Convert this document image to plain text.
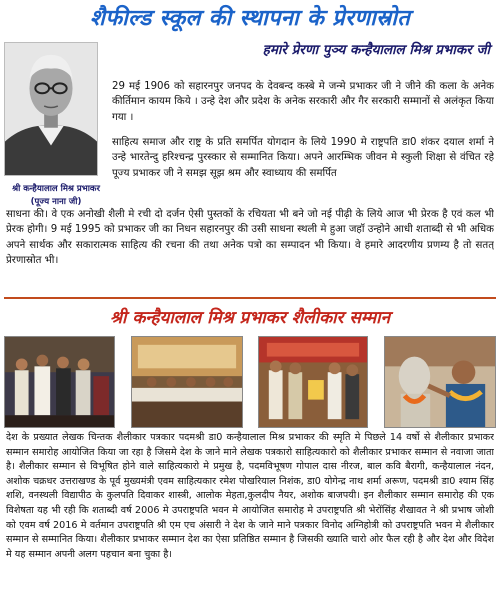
शैफील्ड स्कूल की स्थापना के प्रेरणास्रोत
हमारे प्रेरणा पुञ्य कन्हैयालाल मिश्र प्रभाकर जी
श्री कन्हैयालाल मिश्र प्रभाकर
(पूज्य नाना जी)
29 मई 1906 को सहारनपुर जनपद के देवबन्द कस्बे मे जन्मे प्रभाकर जी ने जीने की कला के अनेक कीर्तिमान कायम किये । उन्हे देश और प्रदेश के अनेक सरकारी और गैर सरकारी सम्मानों से अलंकृत किया गया ।
साहित्य समाज और राष्ट्र के प्रति समर्पित योगदान के लिये 1990 मे राष्ट्रपति डा0 शंकर दयाल शर्मा ने उन्हे भारतेन्दु हरिश्चन्द्र पुरस्कार से सम्मानित किया। अपने आरम्भिक जीवन मे स्कुली शिक्षा से वंचित रहे पूज्य प्रभाकर जी ने समझ सूझ श्रम और स्वाध्याय की समर्पित
साधना की। वे एक अनोखी शैली मे रची दो दर्जन ऐसी पुस्तकों के रचियता भी बने जो नई पीढ़ी के लिये आज भी प्रेरक है एवं कल भी प्रेरक होगी। 9 मई 1995 को प्रभाकर जी का निधन सहारनपुर की उसी साधना स्थली मे हुआ जहॉ उन्होने आधी शताब्दी से भी अधिक अपने सार्थक और सकारात्मक साहित्य की रचना की तथा अनेक पत्रो का सम्पादन भी किया। वे हमारे आदरणीय प्रणम्य है तो सतत् प्रेरणास्रोत भी।
श्री कन्हैयालाल मिश्र प्रभाकर शैलीकार सम्मान
देश के प्रख्यात लेखक चिन्तक शैलीकार पत्रकार पदमश्री डा0 कन्हैयालाल मिश्र प्रभाकर की स्मृति मे पिछले 14 वर्षो से शैलीकार प्रभाकर सम्मान समारोह आयोजित किया जा रहा है जिसमे देश के जाने माने लेखक पत्रकारो साहित्यकारो को शैलीकार प्रभाकर सम्मान से नवाजा जाता है। शैलीकार सम्मान से विभूषित होने वाले साहित्यकारो मे प्रमुख है, पदमविभूषण गोपाल दास नीरज, बाल कवि बैरागी, कन्हैयालाल नंदन, अशोक चक्रधर उत्तराखण्ड के पूर्व मुख्यमंत्री एवम साहित्यकार रमेश पोखरियाल निशंक, डा0 योगेन्द्र नाथ शर्मा अरूण, पदमश्री डा0 श्याम सिंह शशि, वनस्थली विद्यापीठ के कुलपति दिवाकर शास्त्री, आलोक मेहता,कुलदीप नैयर, अशोक बाजपयी। इन शैलीकार सम्मान समारोह की एक विशेषता यह भी रही कि शताब्दी वर्ष 2006 मे उपराष्ट्रपति भवन मे आयोजित समारोह मे उपराष्ट्रपति श्री भेरोंसिंह शैखावत ने श्री प्रभाष जोशी को एवम वर्ष 2016 मे वर्तमान उपराष्ट्रपति श्री एम एच अंसारी ने देश के जाने माने पत्रकार विनोद अग्निहोत्री को उपराष्ट्रपति भवन मे शैलीकार सम्मान से सम्मानित किया। शैलीकार प्रभाकर सम्मान देश का ऐसा प्रतिष्ठित सम्मान है जिसकी ख्याति चारो ओर फैल रही है और देश और विदेश मे यह सम्मान अपनी अलग पहचान बना चुका है।
